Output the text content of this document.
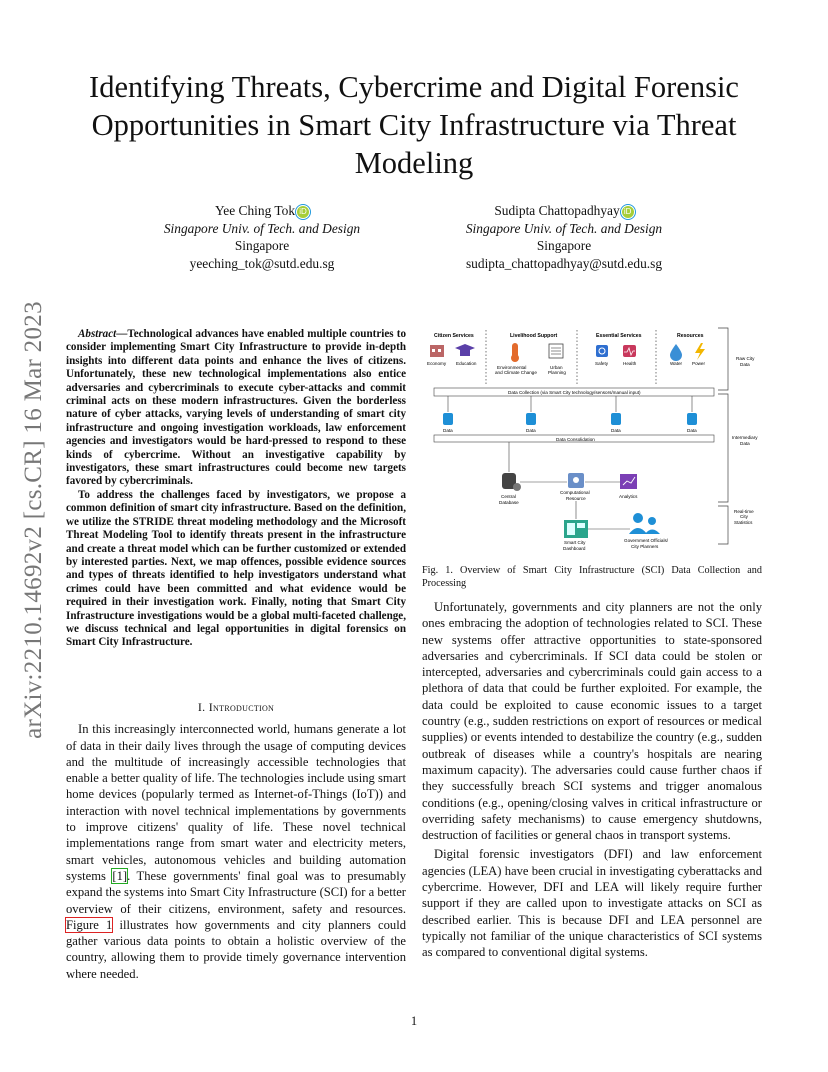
arXiv:2210.14692v2 [cs.CR] 16 Mar 2023
Identifying Threats, Cybercrime and Digital Forensic Opportunities in Smart City Infrastructure via Threat Modeling
Yee Ching Tok iD
Singapore Univ. of Tech. and Design
Singapore
yeeching_tok@sutd.edu.sg
Sudipta Chattopadhyay iD
Singapore Univ. of Tech. and Design
Singapore
sudipta_chattopadhyay@sutd.edu.sg

Abstract—Technological advances have enabled multiple countries to consider implementing Smart City Infrastructure to provide in-depth insights into different data points and enhance the lives of citizens. Unfortunately, these new technological implementations also entice adversaries and cybercriminals to execute cyber-attacks and commit criminal acts on these modern infrastructures. Given the borderless nature of cyber attacks, varying levels of understanding of smart city infrastructure and ongoing investigation workloads, law enforcement agencies and investigators would be hard-pressed to respond to these kinds of cybercrime. Without an investigative capability by investigators, these smart infrastructures could become new targets favored by cybercriminals.

To address the challenges faced by investigators, we propose a common definition of smart city infrastructure. Based on the definition, we utilize the STRIDE threat modeling methodology and the Microsoft Threat Modeling Tool to identify threats present in the infrastructure and create a threat model which can be further customized or extended by interested parties. Next, we map offences, possible evidence sources and types of threats identified to help investigators understand what crimes could have been committed and what evidence would be required in their investigation work. Finally, noting that Smart City Infrastructure investigations would be a global multi-faceted challenge, we discuss technical and legal opportunities in digital forensics on Smart City Infrastructure.

I. Introduction

In this increasingly interconnected world, humans generate a lot of data in their daily lives through the usage of computing devices and the multitude of increasingly accessible technologies that enable a better quality of life. The technologies include using smart home devices (popularly termed as Internet-of-Things (IoT)) and interaction with novel technical implementations by governments to improve citizens' quality of life. These novel technical implementations range from smart water and electricity meters, smart vehicles, autonomous vehicles and building automation systems [1]. These governments' final goal was to presumably expand the systems into Smart City Infrastructure (SCI) for a better overview of their citizens, environment, safety and resources. Figure 1 illustrates how governments and city planners could gather various data points to obtain a holistic overview of the country, allowing them to provide timely governance intervention where needed.

Citizen Services	Livelihood Support	Essential Services	Resources
Economy Education
Environmental
and Climate Change
Urban
Planning
Safety	Health	Water Power
Raw City
Data
Data Collection (via Smart City technology/sensors/manual input)
Data	Data	Data	Data
Data Consolidation	Intermediary
Data
Central
Database
Computational
Resource	Analytics
Smart City
Dashboard
Government Officials/
City Planners
Real-time
City
Statistics
Fig. 1. Overview of Smart City Infrastructure (SCI) Data Collection and Processing

Unfortunately, governments and city planners are not the only ones embracing the adoption of technologies related to SCI. These new systems offer attractive opportunities to state-sponsored adversaries and cybercriminals. If SCI data could be stolen or intercepted, adversaries and cybercriminals could gain access to a plethora of data that could be further exploited. For example, the data could be exploited to cause economic issues to a target country (e.g., sudden restrictions on export of resources or medical supplies) or events intended to destabilize the country (e.g., sudden outbreak of diseases while a country's hospitals are nearing maximum capacity). The adversaries could cause further chaos if they successfully breach SCI systems and trigger anomalous conditions (e.g., opening/closing valves in critical infrastructure or overriding safety mechanisms) to cause emergency shutdowns, destruction of facilities or general chaos in transport systems.

Digital forensic investigators (DFI) and law enforcement agencies (LEA) have been crucial in investigating cyberattacks and cybercrime. However, DFI and LEA will likely require further support if they are called upon to investigate attacks on SCI as described earlier. This is because DFI and LEA personnel are typically not familiar of the unique characteristics of SCI systems as compared to conventional digital systems.

1
